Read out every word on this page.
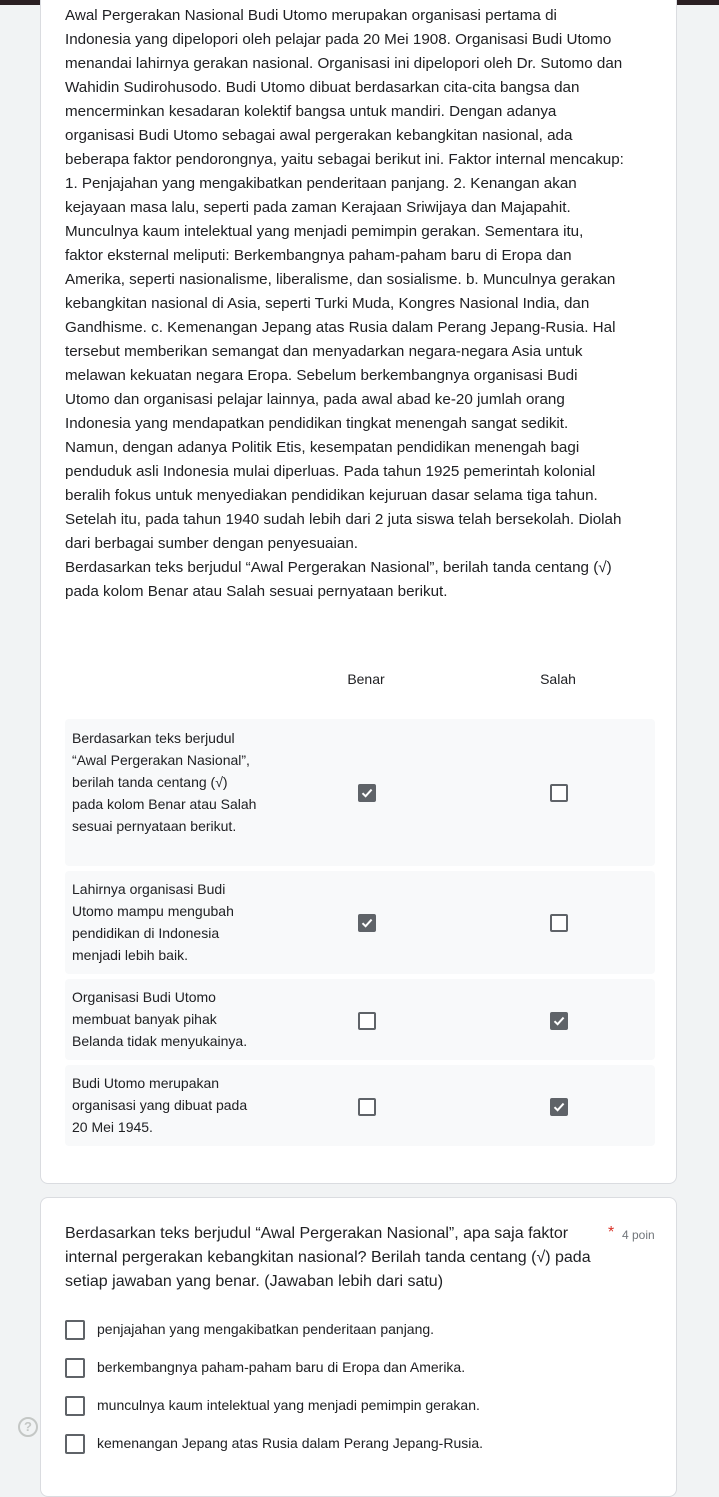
Awal Pergerakan Nasional Budi Utomo merupakan organisasi pertama di Indonesia yang dipelopori oleh pelajar pada 20 Mei 1908. Organisasi Budi Utomo menandai lahirnya gerakan nasional. Organisasi ini dipelopori oleh Dr. Sutomo dan Wahidin Sudirohusodo. Budi Utomo dibuat berdasarkan cita-cita bangsa dan mencerminkan kesadaran kolektif bangsa untuk mandiri. Dengan adanya organisasi Budi Utomo sebagai awal pergerakan kebangkitan nasional, ada beberapa faktor pendorongnya, yaitu sebagai berikut ini. Faktor internal mencakup: 1. Penjajahan yang mengakibatkan penderitaan panjang. 2. Kenangan akan kejayaan masa lalu, seperti pada zaman Kerajaan Sriwijaya dan Majapahit.

Munculnya kaum intelektual yang menjadi pemimpin gerakan. Sementara itu, faktor eksternal meliputi: Berkembangnya paham-paham baru di Eropa dan Amerika, seperti nasionalisme, liberalisme, dan sosialisme. b. Munculnya gerakan kebangkitan nasional di Asia, seperti Turki Muda, Kongres Nasional India, dan Gandhisme. c. Kemenangan Jepang atas Rusia dalam Perang Jepang-Rusia. Hal tersebut memberikan semangat dan menyadarkan negara-negara Asia untuk melawan kekuatan negara Eropa. Sebelum berkembangnya organisasi Budi Utomo dan organisasi pelajar lainnya, pada awal abad ke-20 jumlah orang Indonesia yang mendapatkan pendidikan tingkat menengah sangat sedikit. Namun, dengan adanya Politik Etis, kesempatan pendidikan menengah bagi penduduk asli Indonesia mulai diperluas. Pada tahun 1925 pemerintah kolonial beralih fokus untuk menyediakan pendidikan kejuruan dasar selama tiga tahun. Setelah itu, pada tahun 1940 sudah lebih dari 2 juta siswa telah bersekolah. Diolah dari berbagai sumber dengan penyesuaian.

Berdasarkan teks berjudul “Awal Pergerakan Nasional”, berilah tanda centang (√) pada kolom Benar atau Salah sesuai pernyataan berikut.

Benar	Salah
Berdasarkan teks berjudul “Awal Pergerakan Nasional”, berilah tanda centang (√) pada kolom Benar atau Salah sesuai pernyataan berikut.
Lahirnya organisasi Budi Utomo mampu mengubah pendidikan di Indonesia menjadi lebih baik.
Organisasi Budi Utomo membuat banyak pihak Belanda tidak menyukainya.
Budi Utomo merupakan organisasi yang dibuat pada 20 Mei 1945.
Berdasarkan teks berjudul “Awal Pergerakan Nasional”, apa saja faktor internal pergerakan kebangkitan nasional? Berilah tanda centang (√) pada setiap jawaban yang benar. (Jawaban lebih dari satu)
* 4 poin
penjajahan yang mengakibatkan penderitaan panjang.
berkembangnya paham-paham baru di Eropa dan Amerika.
munculnya kaum intelektual yang menjadi pemimpin gerakan.
kemenangan Jepang atas Rusia dalam Perang Jepang-Rusia.
?
